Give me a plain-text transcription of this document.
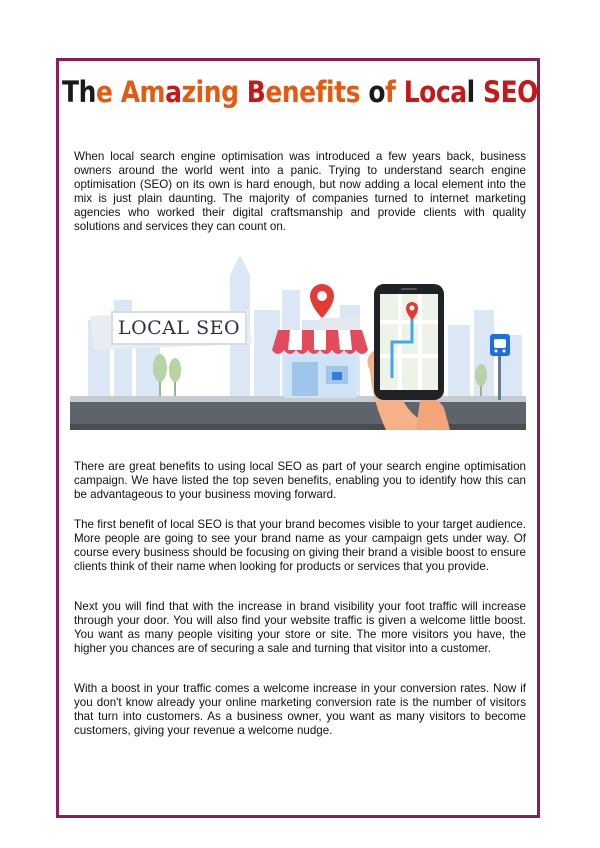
The Amazing Benefits of Local SEO

When local search engine optimisation was introduced a few years back, business owners around the world went into a panic. Trying to understand search engine optimisation (SEO) on its own is hard enough, but now adding a local element into the mix is just plain daunting. The majority of companies turned to internet marketing agencies who worked their digital craftsmanship and provide clients with quality solutions and services they can count on.

LOCAL SEO

There are great benefits to using local SEO as part of your search engine optimisation campaign. We have listed the top seven benefits, enabling you to identify how this can be advantageous to your business moving forward.

The first benefit of local SEO is that your brand becomes visible to your target audience. More people are going to see your brand name as your campaign gets under way. Of course every business should be focusing on giving their brand a visible boost to ensure clients think of their name when looking for products or services that you provide.

Next you will find that with the increase in brand visibility your foot traffic will increase through your door. You will also find your website traffic is given a welcome little boost. You want as many people visiting your store or site. The more visitors you have, the higher you chances are of securing a sale and turning that visitor into a customer.

With a boost in your traffic comes a welcome increase in your conversion rates. Now if you don't know already your online marketing conversion rate is the number of visitors that turn into customers. As a business owner, you want as many visitors to become customers, giving your revenue a welcome nudge.
